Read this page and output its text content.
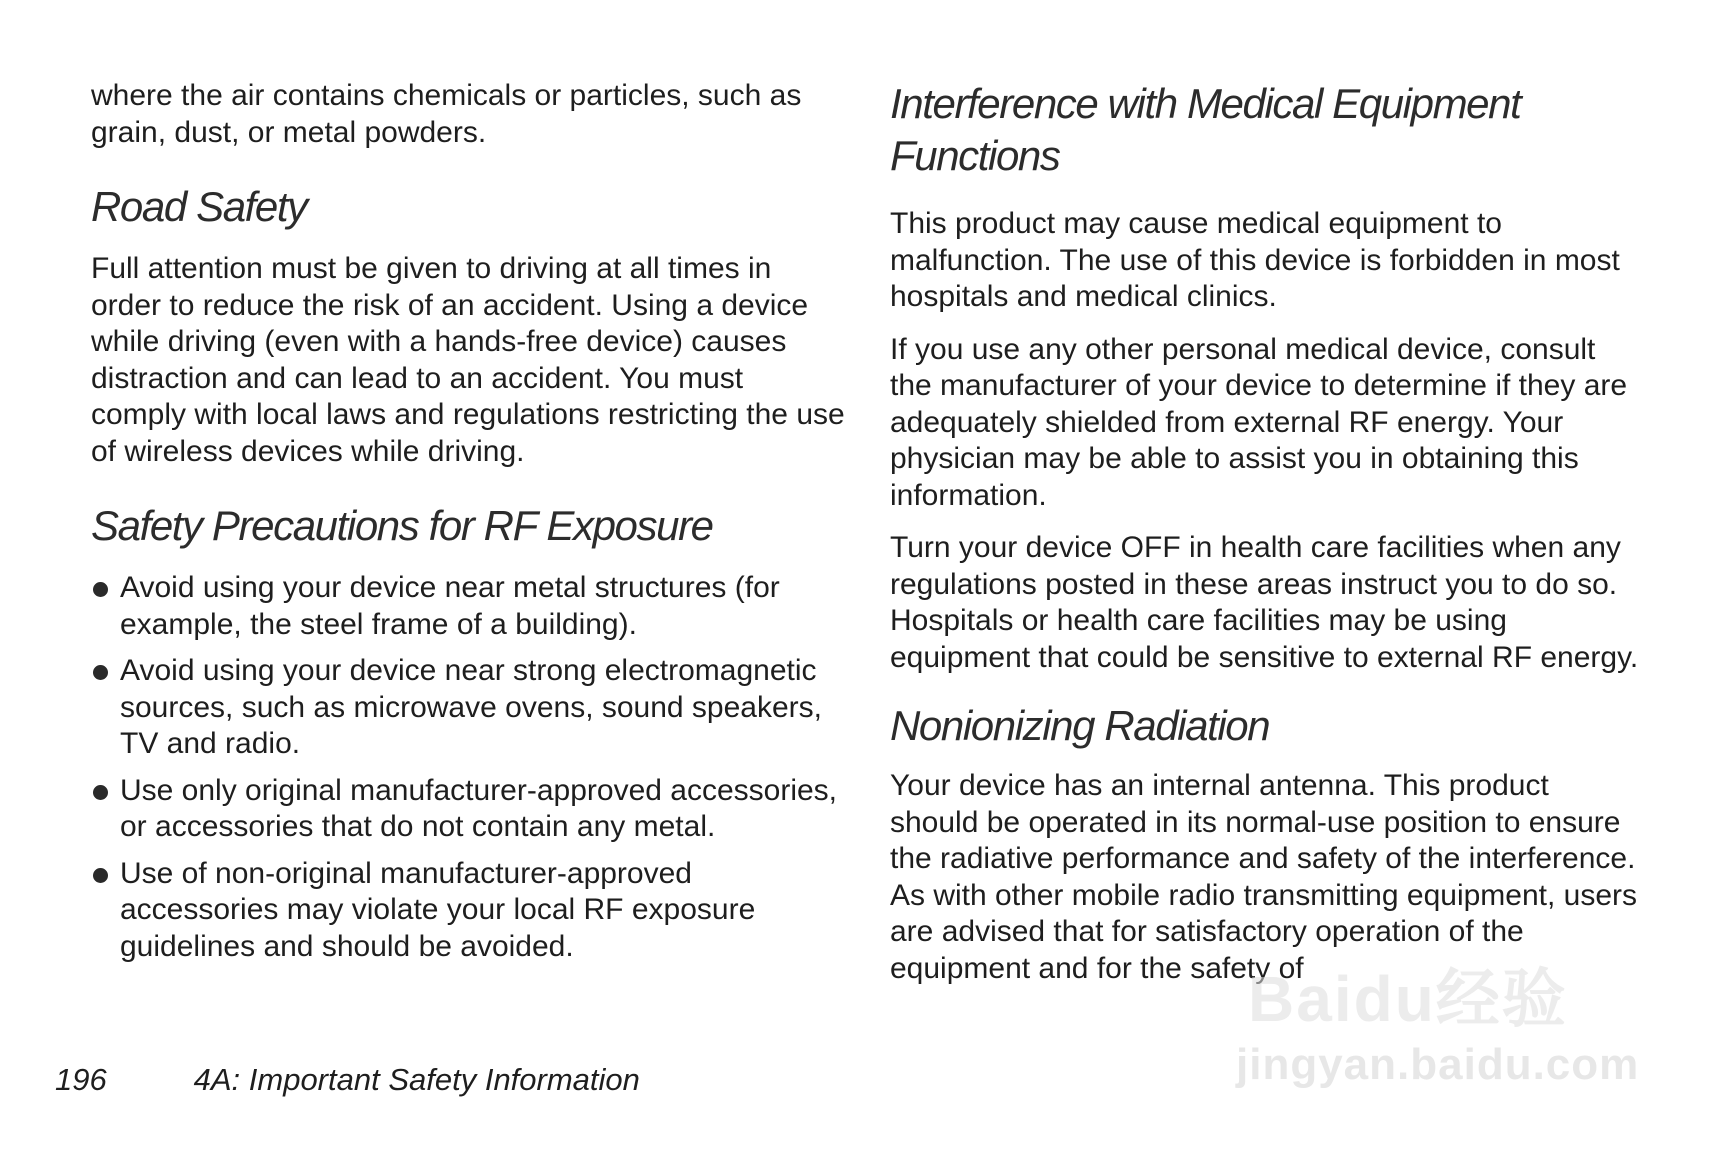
where the air contains chemicals or particles, such as grain, dust, or metal powders.

Road Safety

Full attention must be given to driving at all times in order to reduce the risk of an accident. Using a device while driving (even with a hands-free device) causes distraction and can lead to an accident. You must comply with local laws and regulations restricting the use of wireless devices while driving.

Safety Precautions for RF Exposure

Avoid using your device near metal structures (for example, the steel frame of a building).

Avoid using your device near strong electromagnetic sources, such as microwave ovens, sound speakers, TV and radio.

Use only original manufacturer-approved accessories, or accessories that do not contain any metal.

Use of non-original manufacturer-approved accessories may violate your local RF exposure guidelines and should be avoided.

Interference with Medical Equipment Functions

This product may cause medical equipment to malfunction. The use of this device is forbidden in most hospitals and medical clinics.

If you use any other personal medical device, consult the manufacturer of your device to determine if they are adequately shielded from external RF energy. Your physician may be able to assist you in obtaining this information.

Turn your device OFF in health care facilities when any regulations posted in these areas instruct you to do so. Hospitals or health care facilities may be using equipment that could be sensitive to external RF energy.

Nonionizing Radiation

Your device has an internal antenna. This product should be operated in its normal-use position to ensure the radiative performance and safety of the interference. As with other mobile radio transmitting equipment, users are advised that for satisfactory operation of the equipment and for the safety of

196	4A: Important Safety Information
Baidu经验
jingyan.baidu.com
